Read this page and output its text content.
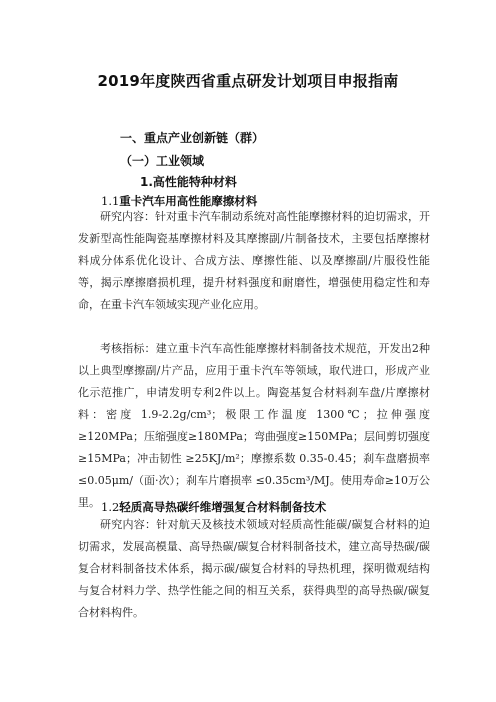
2019年度陕西省重点研发计划项目申报指南
一、重点产业创新链（群）
（一）工业领域
1.高性能特种材料
1.1重卡汽车用高性能摩擦材料
研究内容：针对重卡汽车制动系统对高性能摩擦材料的迫切需求，开发新型高性能陶瓷基摩擦材料及其摩擦副/片制备技术，主要包括摩擦材料成分体系优化设计、合成方法、摩擦性能、以及摩擦副/片服役性能等，揭示摩擦磨损机理，提升材料强度和耐磨性，增强使用稳定性和寿命，在重卡汽车领域实现产业化应用。
考核指标：建立重卡汽车高性能摩擦材料制备技术规范，开发出2种以上典型摩擦副/片产品，应用于重卡汽车等领域，取代进口，形成产业化示范推广，申请发明专利2件以上。陶瓷基复合材料刹车盘/片摩擦材料：密度 1.9-2.2g/cm³；极限工作温度 1300℃；拉伸强度≥120MPa；压缩强度≥180MPa；弯曲强度≥150MPa；层间剪切强度≥15MPa；冲击韧性 ≥25KJ/m²；摩擦系数 0.35-0.45；刹车盘磨损率≤0.05μm/（面·次）；刹车片磨损率 ≤0.35cm³/MJ。使用寿命≥10万公里。 1.2轻质高导热碳纤维增强复合材料制备技术
研究内容：针对航天及核技术领域对轻质高性能碳/碳复合材料的迫切需求，发展高模量、高导热碳/碳复合材料制备技术，建立高导热碳/碳复合材料制备技术体系，揭示碳/碳复合材料的导热机理，探明微观结构与复合材料力学、热学性能之间的相互关系，获得典型的高导热碳/碳复合材料构件。
